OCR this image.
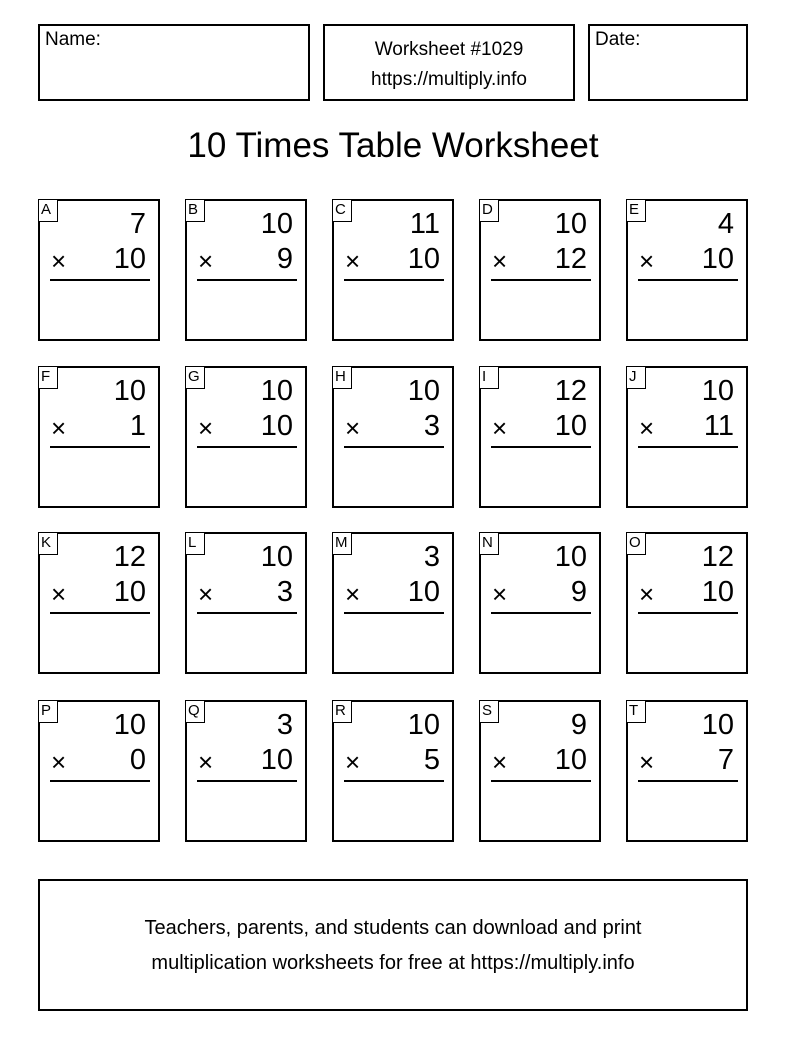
Name:	Worksheet #1029
https://multiply.info
Date:
10 Times Table Worksheet
A	7
× 10
B 10
× 9
C 11
× 10
D 10
× 12
E	4
× 10
F 10
× 1
G 10
× 10
H 10
× 3
I	12
× 10
J	10
× 11
K 12
× 10
L 10
× 3
M	3
× 10
N 10
× 9
O 12
× 10
P 10
× 0
Q	3
× 10
R 10
× 5
S	9
× 10
T 10
× 7
Teachers, parents, and students can download and print
multiplication worksheets for free at https://multiply.info
